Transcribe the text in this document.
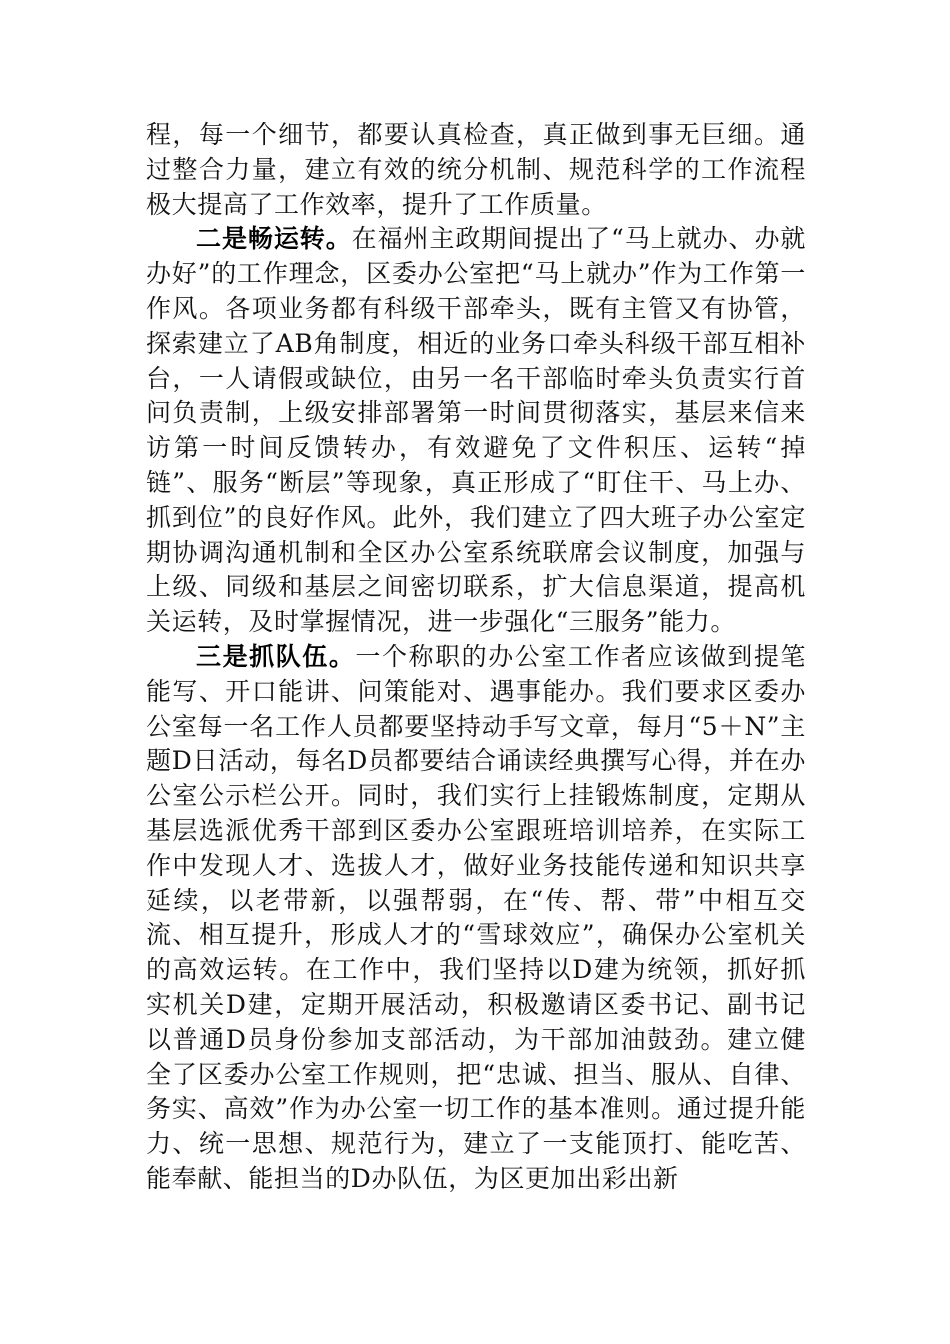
程，每一个细节，都要认真检查，真正做到事无巨细。通过整合力量，建立有效的统分机制、规范科学的工作流程极大提高了工作效率，提升了工作质量。

二是畅运转。在福州主政期间提出了“马上就办、办就办好”的工作理念，区委办公室把“马上就办”作为工作第一作风。各项业务都有科级干部牵头，既有主管又有协管，探索建立了AB角制度，相近的业务口牵头科级干部互相补台，一人请假或缺位，由另一名干部临时牵头负责实行首问负责制，上级安排部署第一时间贯彻落实，基层来信来访第一时间反馈转办，有效避免了文件积压、运转“掉链”、服务“断层”等现象，真正形成了“盯住干、马上办、抓到位”的良好作风。此外，我们建立了四大班子办公室定期协调沟通机制和全区办公室系统联席会议制度，加强与上级、同级和基层之间密切联系，扩大信息渠道，提高机关运转，及时掌握情况，进一步强化“三服务”能力。

三是抓队伍。一个称职的办公室工作者应该做到提笔能写、开口能讲、问策能对、遇事能办。我们要求区委办公室每一名工作人员都要坚持动手写文章，每月“5＋N”主题D日活动，每名D员都要结合诵读经典撰写心得，并在办公室公示栏公开。同时，我们实行上挂锻炼制度，定期从基层选派优秀干部到区委办公室跟班培训培养，在实际工作中发现人才、选拔人才，做好业务技能传递和知识共享延续，以老带新，以强帮弱，在“传、帮、带”中相互交流、相互提升，形成人才的“雪球效应”，确保办公室机关的高效运转。在工作中，我们坚持以D建为统领，抓好抓实机关D建，定期开展活动，积极邀请区委书记、副书记以普通D员身份参加支部活动，为干部加油鼓劲。建立健全了区委办公室工作规则，把“忠诚、担当、服从、自律、务实、高效”作为办公室一切工作的基本准则。通过提升能力、统一思想、规范行为，建立了一支能顶打、能吃苦、能奉献、能担当的D办队伍，为区更加出彩出新
